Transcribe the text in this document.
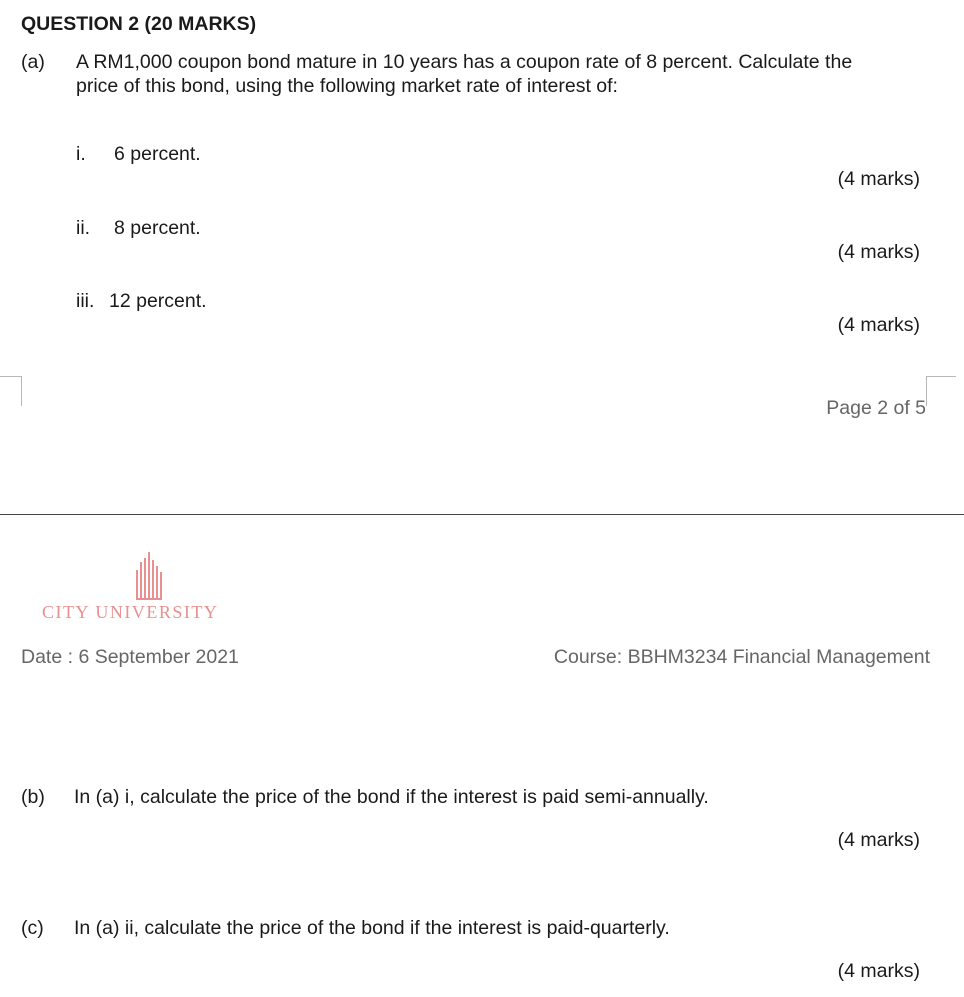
QUESTION 2 (20 MARKS)
(a) A RM1,000 coupon bond mature in 10 years has a coupon rate of 8 percent. Calculate the
price of this bond, using the following market rate of interest of:
i. 6 percent.
(4 marks)
ii. 8 percent.
(4 marks)
iii. 12 percent.
(4 marks)
Page 2 of 5
CITY UNIVERSITY
Date : 6 September 2021	Course: BBHM3234 Financial Management
(b) In (a) i, calculate the price of the bond if the interest is paid semi-annually.
(4 marks)
(c) In (a) ii, calculate the price of the bond if the interest is paid-quarterly.
(4 marks)
